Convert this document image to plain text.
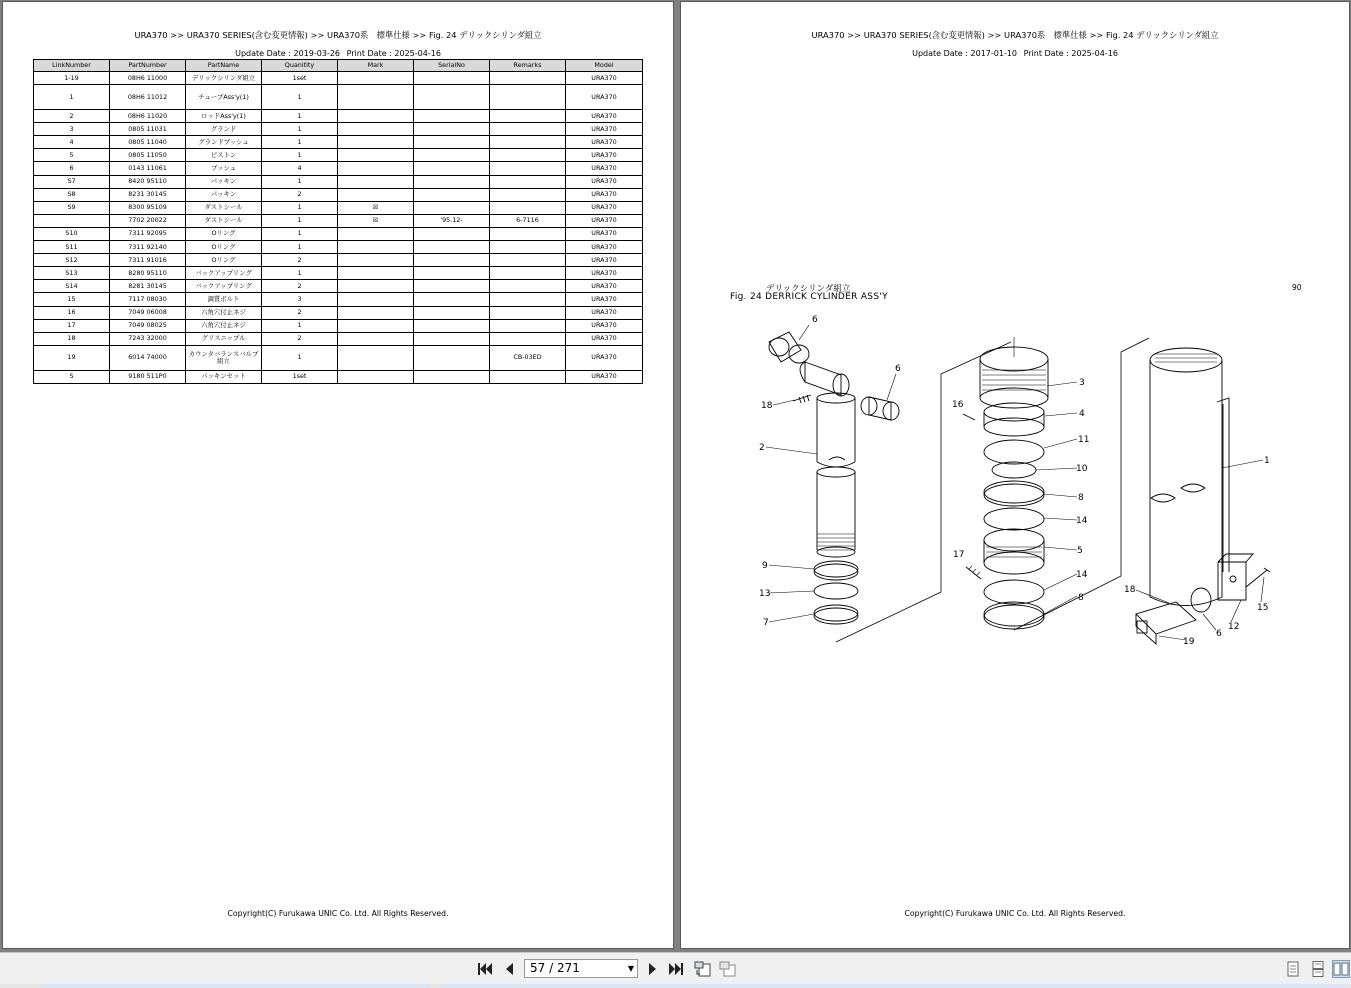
URA370 >> URA370 SERIES(含む変更情報) >> URA370系　標準仕様 >> Fig. 24 デリックシリンダ組立
Update Date : 2019-03-26 Print Date : 2025-04-16
LinkNumber	PartNumber	PartName	Quanitity	Mark	SerialNo	Remarks	Model
1-19	08H6 11000	デリックシリンダ組立	1set				URA370
1	08H6 11012	チューブAss'y(1)	1				URA370
2	08H6 11020	ロッドAss'y(1)	1				URA370
3	0805 11031	グランド	1				URA370
4	0805 11040	グランドブッシュ	1				URA370
5	0805 11050	ピストン	1				URA370
6	0143 11061	ブッシュ	4				URA370
S7	8420 95110	パッキン	1				URA370
S8	8231 30145	パッキン	2				URA370
S9	8300 95109	ダストシール	1	☒			URA370
	7702 20022	ダストシール	1	☒	'95.12-	6-7116	URA370
S10	7311 92095	Oリング	1				URA370
S11	7311 92140	Oリング	1				URA370
S12	7311 91016	Oリング	2				URA370
S13	8280 95110	バックアップリング	1				URA370
S14	8281 30145	バックアップリング	2				URA370
15	7117 08030	調質ボルト	3				URA370
16	7049 06008	六角穴付止ネジ	2				URA370
17	7049 08025	六角穴付止ネジ	1				URA370
18	7243 32000	グリスニップル	2				URA370
19	6014 74000	カウンタバランスバルブ組立	1			CB-03ED	URA370
S	9180 511P0	パッキンセット	1set				URA370
Copyright(C) Furukawa UNIC Co. Ltd. All Rights Reserved.
URA370 >> URA370 SERIES(含む変更情報) >> URA370系　標準仕様 >> Fig. 24 デリックシリンダ組立
Update Date : 2017-01-10 Print Date : 2025-04-16
デリックシリンダ組立
Fig. 24 DERRICK CYLINDER ASS'Y
90
6
6
18
2
9
13
7
16
3
4
11
10
8
14
5
17
14
8
1
18
15
12
6
19
Copyright(C) Furukawa UNIC Co. Ltd. All Rights Reserved.
57 / 271	▼
